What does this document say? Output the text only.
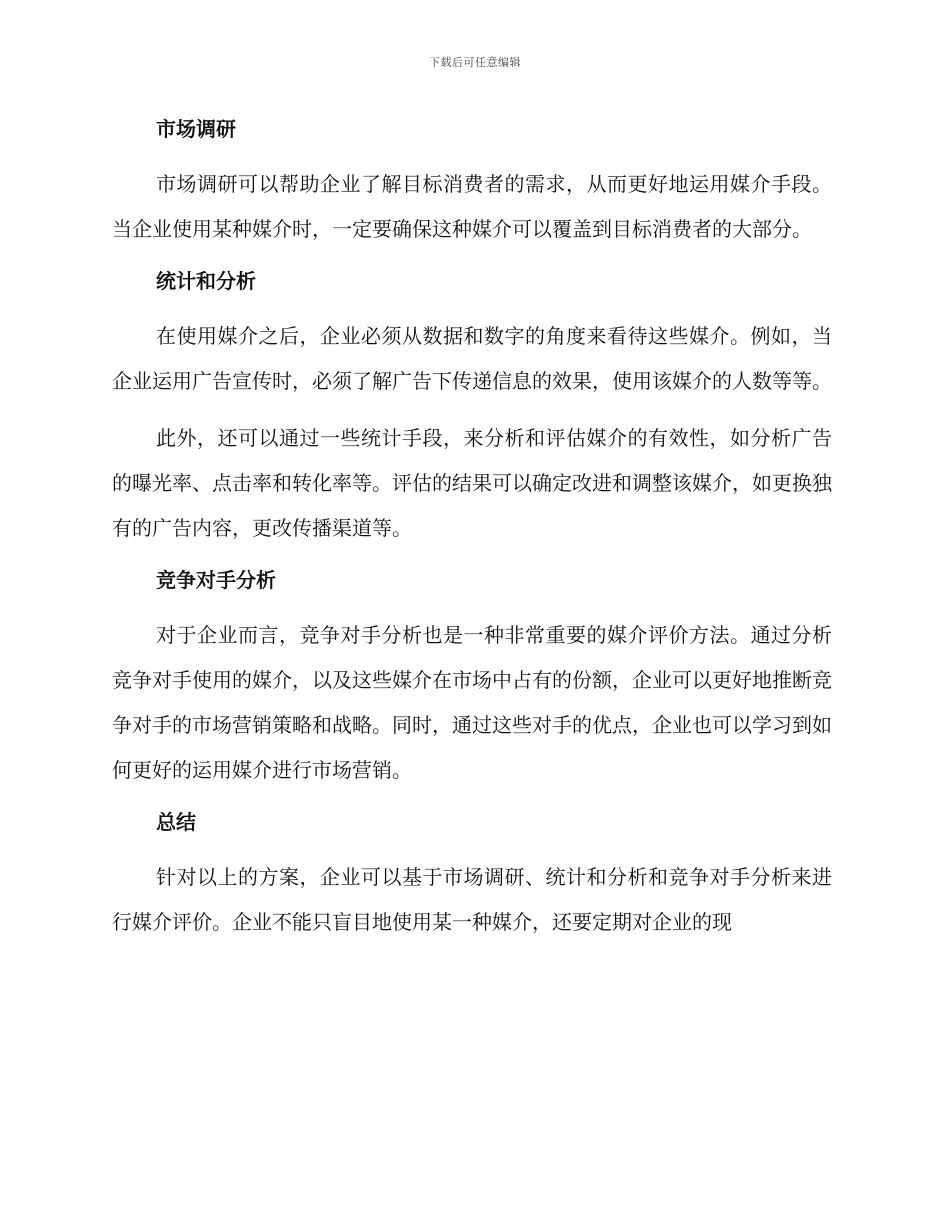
下载后可任意编辑
市场调研

市场调研可以帮助企业了解目标消费者的需求，从而更好地运用媒介手段。当企业使用某种媒介时，一定要确保这种媒介可以覆盖到目标消费者的大部分。

统计和分析

在使用媒介之后，企业必须从数据和数字的角度来看待这些媒介。例如，当企业运用广告宣传时，必须了解广告下传递信息的效果，使用该媒介的人数等等。

此外，还可以通过一些统计手段，来分析和评估媒介的有效性，如分析广告的曝光率、点击率和转化率等。评估的结果可以确定改进和调整该媒介，如更换独有的广告内容，更改传播渠道等。

竞争对手分析

对于企业而言，竞争对手分析也是一种非常重要的媒介评价方法。通过分析竞争对手使用的媒介，以及这些媒介在市场中占有的份额，企业可以更好地推断竞争对手的市场营销策略和战略。同时，通过这些对手的优点，企业也可以学习到如何更好的运用媒介进行市场营销。

总结

针对以上的方案，企业可以基于市场调研、统计和分析和竞争对手分析来进行媒介评价。企业不能只盲目地使用某一种媒介，还要定期对企业的现
